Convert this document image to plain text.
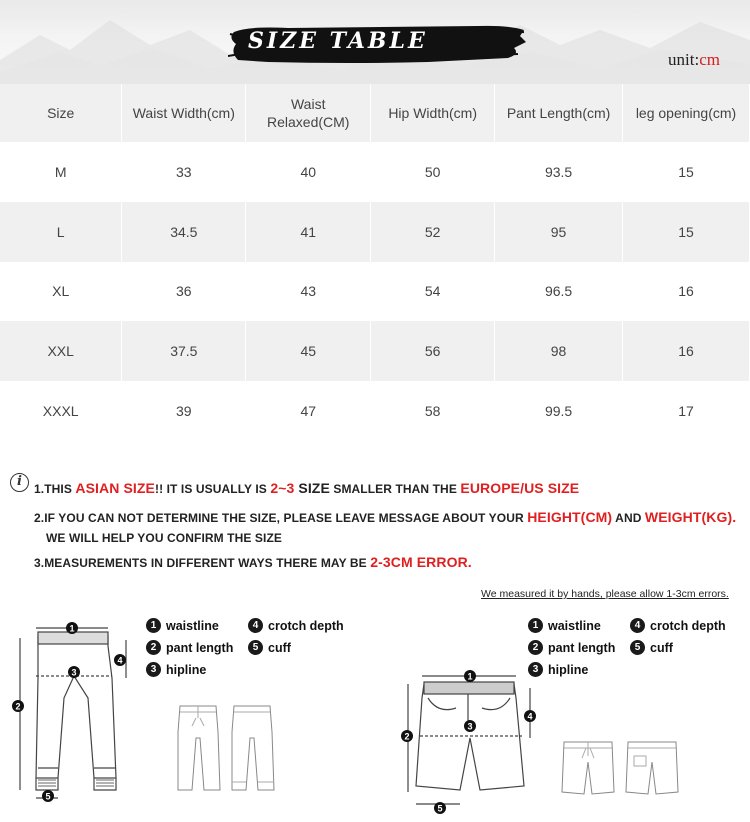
SIZE TABLE
unit:cm
Size	Waist Width(cm)	Waist Relaxed(CM)	Hip Width(cm)	Pant Length(cm)	leg opening(cm)
M	33	40	50	93.5	15
L	34.5	41	52	95	15
XL	36	43	54	96.5	16
XXL	37.5	45	56	98	16
XXXL	39	47	58	99.5	17
i	1.THIS ASIAN SIZE!! IT IS USUALLY IS 2~3 SIZE SMALLER THAN THE EUROPE/US SIZE
2.IF YOU CAN NOT DETERMINE THE SIZE, PLEASE LEAVE MESSAGE ABOUT YOUR HEIGHT(CM) AND WEIGHT(KG).
WE WILL HELP YOU CONFIRM THE SIZE
3.MEASUREMENTS IN DIFFERENT WAYS THERE MAY BE 2-3CM ERROR.
We measured it by hands, please allow 1-3cm errors.
1 waistline	4 crotch depth
2 pant length	5 cuff
3 hipline
1 waistline	4 crotch depth
2 pant length	5 cuff
3 hipline
1
2
3
4
5
1
2
3
4
5
